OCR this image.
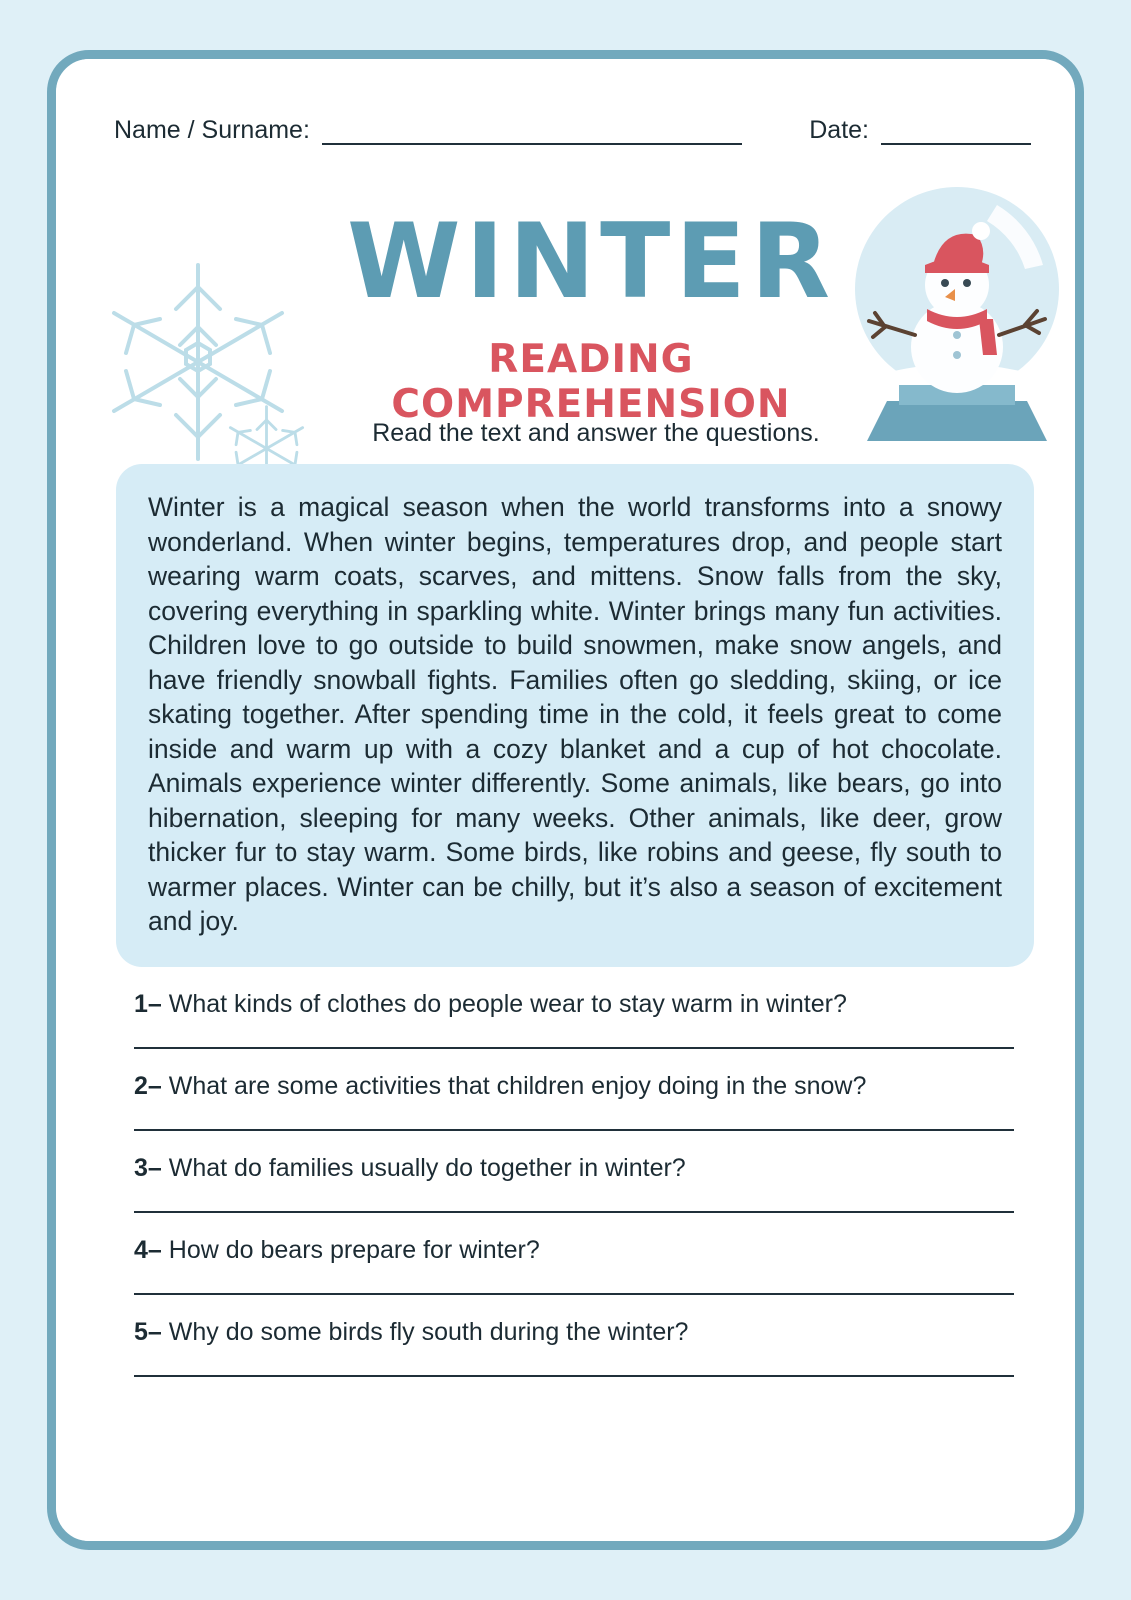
Name / Surname:	Date:
WINTER
READING COMPREHENSION
Read the text and answer the questions.
Winter is a magical season when the world transforms into a snowy wonderland. When winter begins, temperatures drop, and people start wearing warm coats, scarves, and mittens. Snow falls from the sky, covering everything in sparkling white. Winter brings many fun activities. Children love to go outside to build snowmen, make snow angels, and have friendly snowball fights. Families often go sledding, skiing, or ice skating together. After spending time in the cold, it feels great to come inside and warm up with a cozy blanket and a cup of hot chocolate. Animals experience winter differently. Some animals, like bears, go into hibernation, sleeping for many weeks. Other animals, like deer, grow thicker fur to stay warm. Some birds, like robins and geese, fly south to warmer places. Winter can be chilly, but it’s also a season of excitement and joy.
1– What kinds of clothes do people wear to stay warm in winter?
2– What are some activities that children enjoy doing in the snow?
3– What do families usually do together in winter?
4– How do bears prepare for winter?
5– Why do some birds fly south during the winter?
